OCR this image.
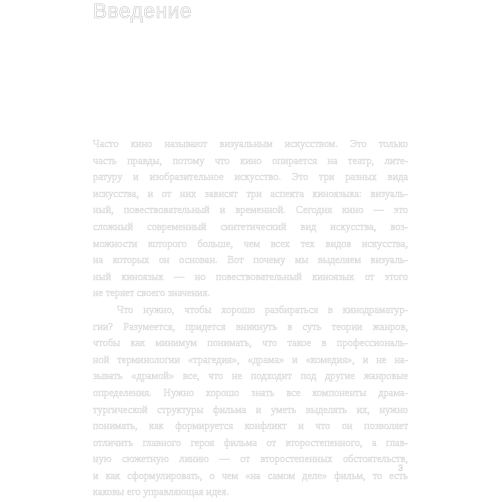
Введение
Часто кино называют визуальным искусством. Это только
часть правды, потому что кино опирается на театр, лите-
ратуру и изобразительное искусство. Это три разных вида
искусства, и от них зависят три аспекта киноязыка: визуаль-
ный, повествовательный и временной. Сегодня кино — это
сложный современный синтетический вид искусства, воз-
можности которого больше, чем всех тех видов искусства,
на которых он основан. Вот почему мы выделяем визуаль-
ный киноязык — но повествовательный киноязык от этого
не теряет своего значения.
Что нужно, чтобы хорошо разбираться в кинодраматур-
гии? Разумеется, придется вникнуть в суть теории жанров,
чтобы как минимум понимать, что такое в профессиональ-
ной терминологии «трагедия», «драма» и «комедия», и не на-
зывать «драмой» все, что не подходит под другие жанровые
определения. Нужно хорошо знать все компоненты драма-
тургической структуры фильма и уметь выделять их, нужно
понимать, как формируется конфликт и что он позволяет
отличить главного героя фильма от второстепенного, а глав-
ную сюжетную линию — от второстепенных обстоятельств,
и как сформулировать, о чем «на самом деле» фильм, то есть
каковы его управляющая идея.
3
